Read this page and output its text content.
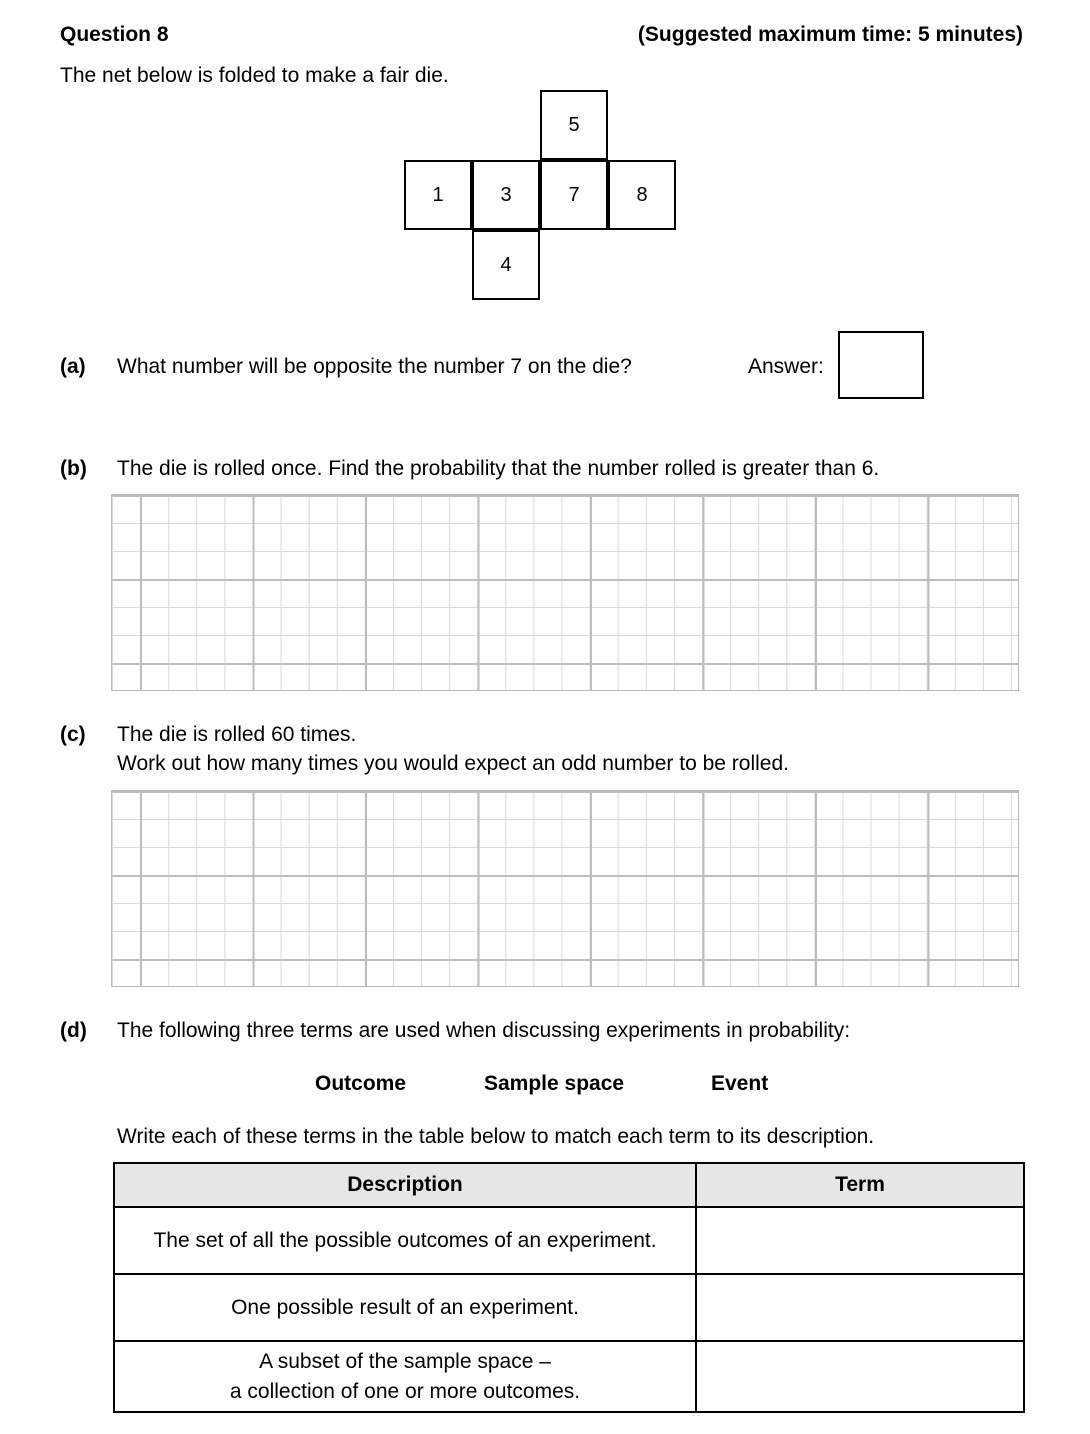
Question 8	(Suggested maximum time: 5 minutes)
The net below is folded to make a fair die.
5
1	3	7	8
4
(a) What number will be opposite the number 7 on the die?	Answer:
(b) The die is rolled once. Find the probability that the number rolled is greater than 6.
(c) The die is rolled 60 times.
Work out how many times you would expect an odd number to be rolled.
(d) The following three terms are used when discussing experiments in probability:
Outcome	Sample space	Event
Write each of these terms in the table below to match each term to its description.
Description	Term

The set of all the possible outcomes of an experiment.	

One possible result of an experiment.	

A subset of the sample space –
a collection of one or more outcomes.	
